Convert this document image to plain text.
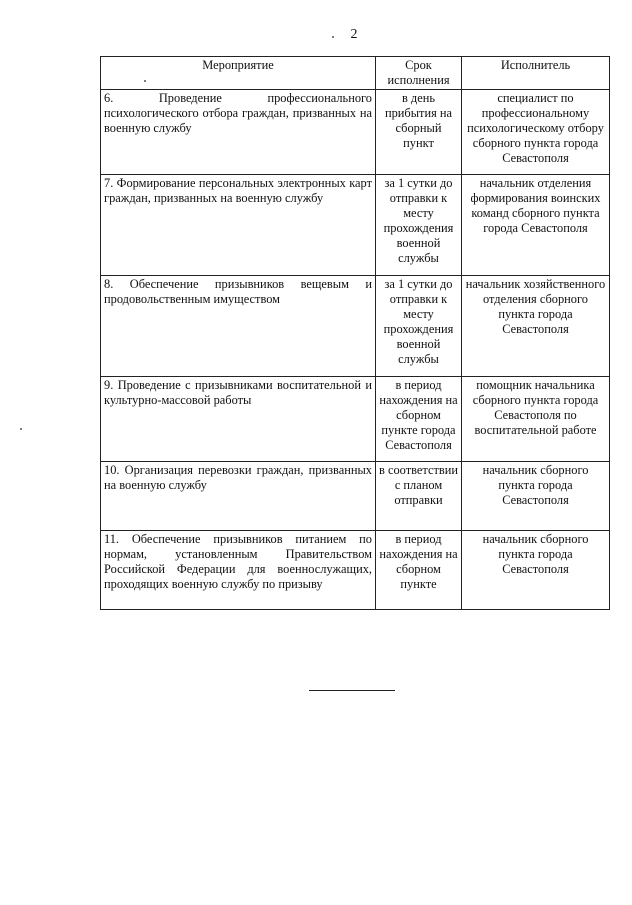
2
Мероприятие	Срок исполнения	Исполнитель
6. Проведение профессионального психологического отбора граждан, призванных на военную службу	в день прибытия на сборный пункт	специалист по профессиональному психологическому отбору сборного пункта города Севастополя
7. Формирование персональных электронных карт граждан, призванных на военную службу	за 1 сутки до отправки к месту прохождения военной службы	начальник отделения формирования воинских команд сборного пункта города Севастополя
8. Обеспечение призывников вещевым и продовольственным имуществом	за 1 сутки до отправки к месту прохождения военной службы	начальник хозяйственного отделения сборного пункта города Севастополя
9. Проведение с призывниками воспитательной и культурно-массовой работы	в период нахождения на сборном пункте города Севастополя	помощник начальника сборного пункта города Севастополя по воспитательной работе
10. Организация перевозки граждан, призванных на военную службу	в соответствии с планом отправки	начальник сборного пункта города Севастополя
11. Обеспечение призывников питанием по нормам, установленным Правительством Российской Федерации для военнослужащих, проходящих военную службу по призыву	в период нахождения на сборном пункте	начальник сборного пункта города Севастополя
